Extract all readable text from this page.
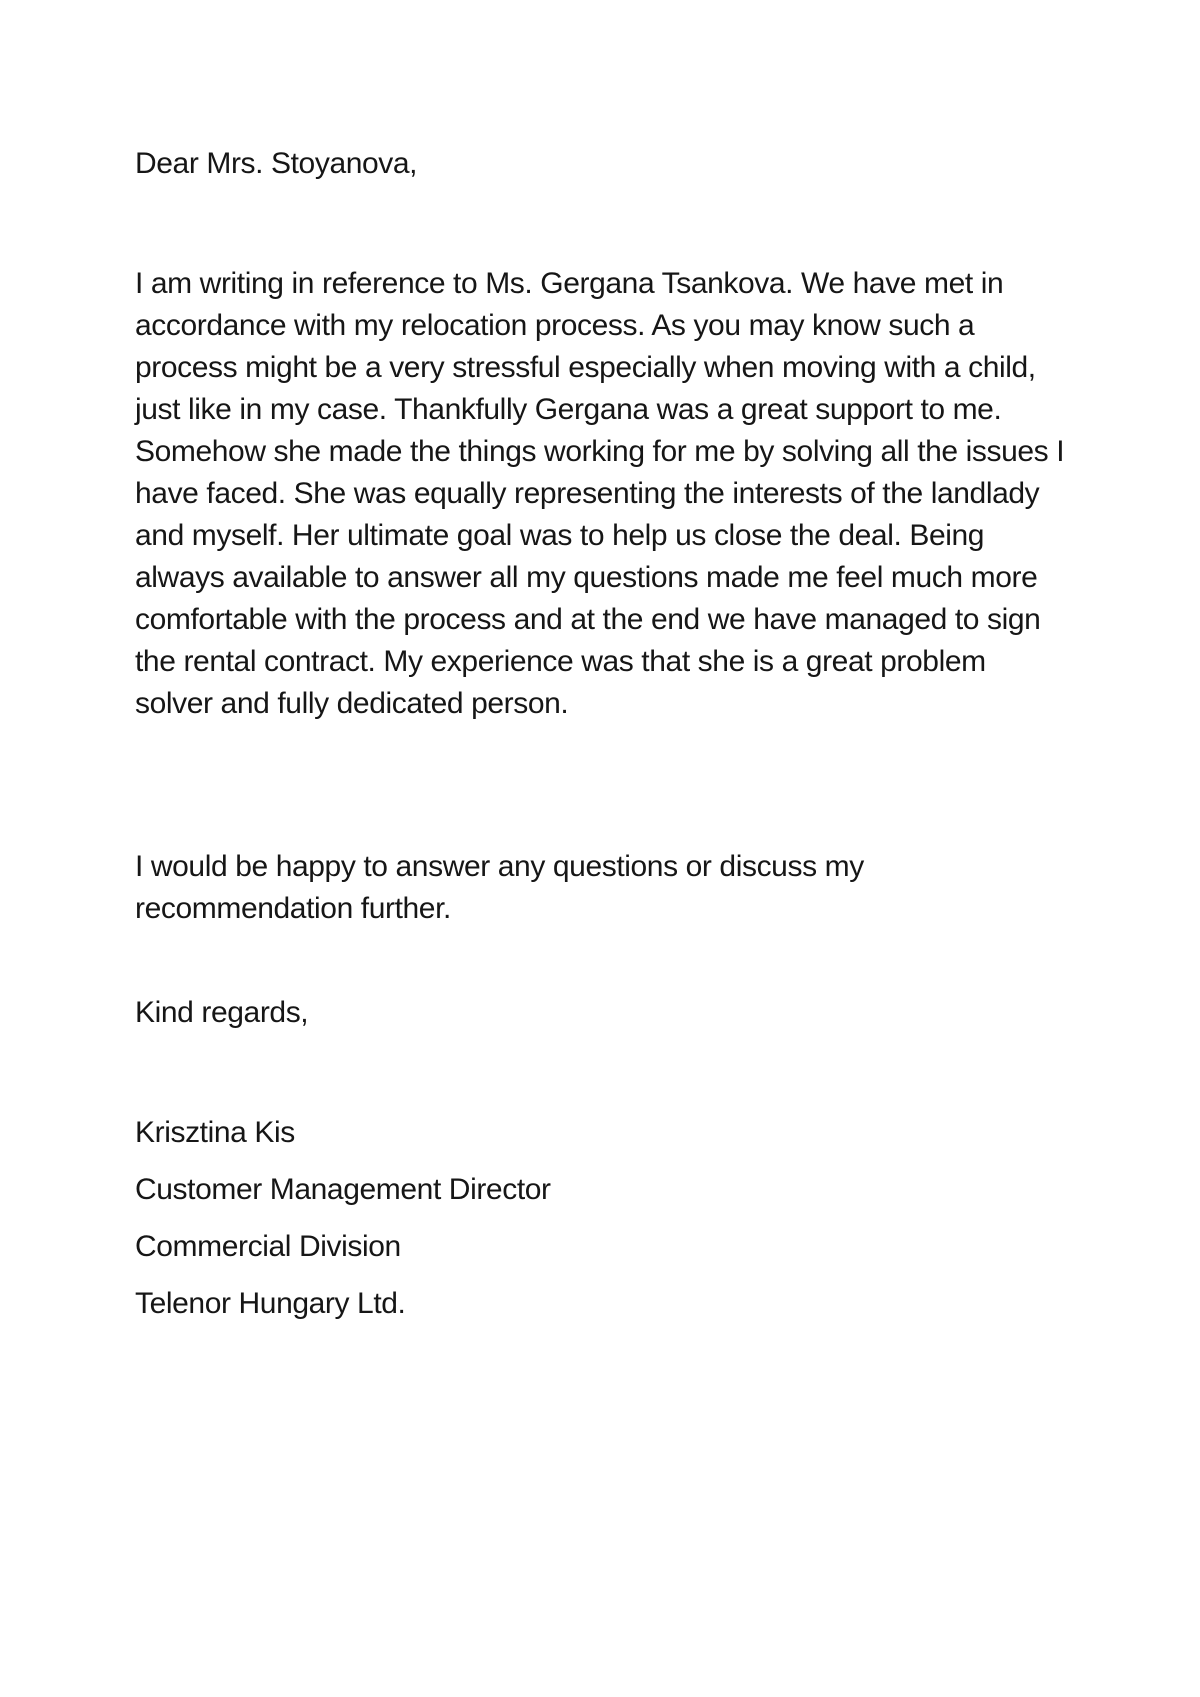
Dear Mrs. Stoyanova,

I am writing in reference to Ms. Gergana Tsankova. We have met in accordance with my relocation process. As you may know such a process might be a very stressful especially when moving with a child, just like in my case. Thankfully Gergana was a great support to me. Somehow she made the things working for me by solving all the issues I have faced. She was equally representing the interests of the landlady and myself. Her ultimate goal was to help us close the deal. Being always available to answer all my questions made me feel much more comfortable with the process and at the end we have managed to sign the rental contract. My experience was that she is a great problem solver and fully dedicated person.

I would be happy to answer any questions or discuss my recommendation further.

Kind regards,

Krisztina Kis

Customer Management Director

Commercial Division

Telenor Hungary Ltd.
